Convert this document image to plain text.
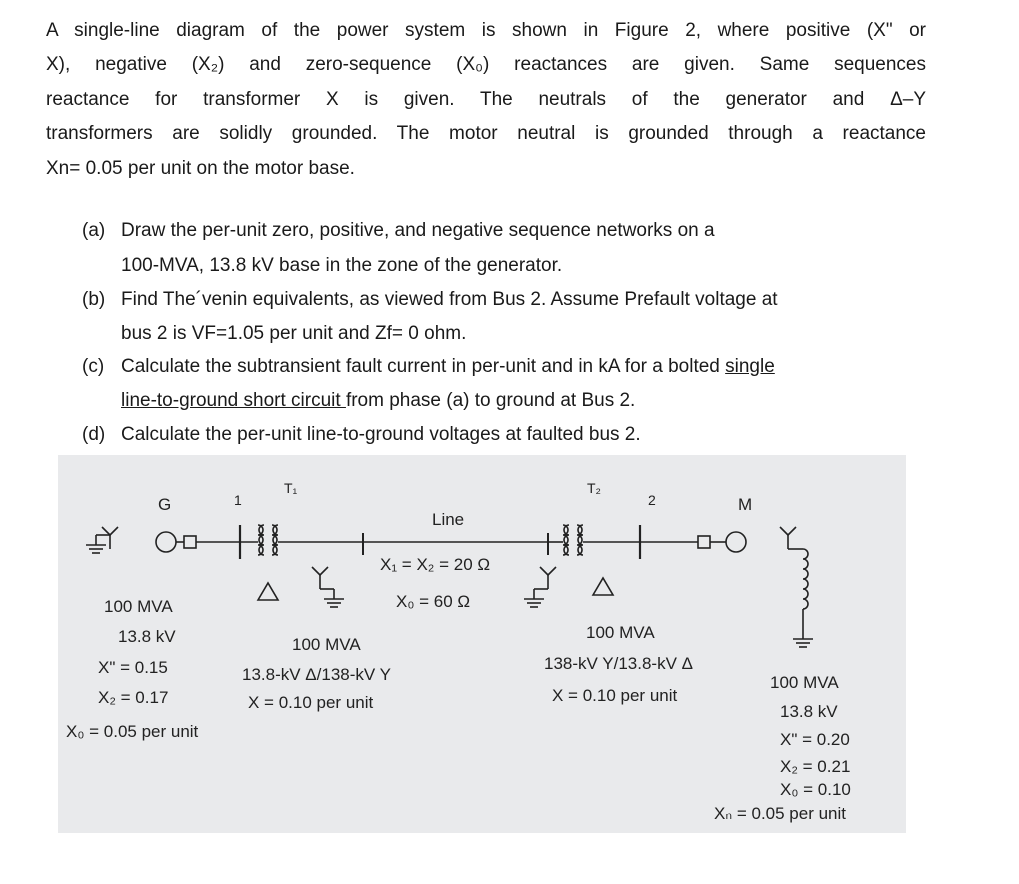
A single-line diagram of the power system is shown in Figure 2, where positive (X" or
X), negative (X₂) and zero-sequence (X₀) reactances are given. Same sequences
reactance for transformer X is given. The neutrals of the generator and Δ–Y
transformers are solidly grounded. The motor neutral is grounded through a reactance
Xn= 0.05 per unit on the motor base.
(a) Draw the per-unit zero, positive, and negative sequence networks on a
100-MVA, 13.8 kV base in the zone of the generator.
(b) Find The´venin equivalents, as viewed from Bus 2. Assume Prefault voltage at
bus 2 is VF=1.05 per unit and Zf= 0 ohm.
(c) Calculate the subtransient fault current in per-unit and in kA for a bolted single
line-to-ground short circuit from phase (a) to ground at Bus 2.
(d) Calculate the per-unit line-to-ground voltages at faulted bus 2.
G	1
T₁
Line
X₁ = X₂ = 20 Ω
X₀ = 60 Ω
T₂
2	M
100 MVA
13.8 kV
X" = 0.15
X₂ = 0.17
X₀ = 0.05 per unit
100 MVA
13.8-kV Δ/138-kV Y
X = 0.10 per unit
100 MVA
138-kV Y/13.8-kV Δ
X = 0.10 per unit
100 MVA
13.8 kV
X" = 0.20
X₂ = 0.21
X₀ = 0.10
Xₙ = 0.05 per unit
